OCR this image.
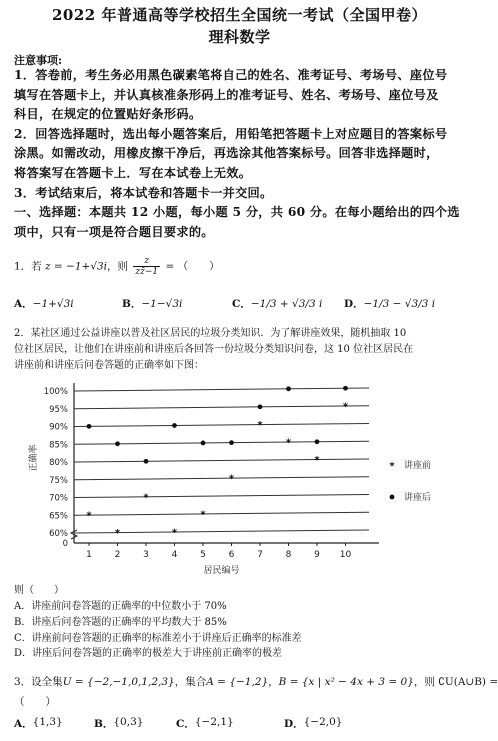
2022 年普通高等学校招生全国统一考试（全国甲卷）
理科数学
注意事项:
1．答卷前，考生务必用黑色碳素笔将自己的姓名、准考证号、考场号、座位号
填写在答题卡上，并认真核准条形码上的准考证号、姓名、考场号、座位号及
科目，在规定的位置贴好条形码。
2．回答选择题时，选出每小题答案后，用铅笔把答题卡上对应题目的答案标号
涂黑。如需改动，用橡皮擦干净后，再选涂其他答案标号。回答非选择题时，
将答案写在答题卡上．写在本试卷上无效。
3．考试结束后，将本试卷和答题卡一并交回。
一、选择题：本题共 12 小题，每小题 5 分，共 60 分。在每小题给出的四个选
项中，只有一项是符合题目要求的。
1．若 z = −1+√3i，则 $\frac{z}{zz̄-1}$ = （　　）
A．−1+√3i	B．−1−√3i	C．−1/3 + √3/3 i D．−1/3 − √3/3 i
2．某社区通过公益讲座以普及社区居民的垃圾分类知识．为了解讲座效果，随机抽取 10
位社区居民，让他们在讲座前和讲座后各回答一份垃圾分类知识问卷，这 10 位社区居民在
讲座前和讲座后问卷答题的正确率如下图：
0
60%
65%
70%
75%
80%
85%
90%
95%
100%
1	2	3	4	5	6	7	8	9 10
居民编号
正确率
*
*
*
*
*
*
*
*
*
*
* 讲座前
讲座后
则（　　）
A．讲座前问卷答题的正确率的中位数小于 70%
B．讲座后问卷答题的正确率的平均数大于 85%
C．讲座前问卷答题的正确率的标准差小于讲座后正确率的标准差
D．讲座后问卷答题的正确率的极差大于讲座前正确率的极差
3．设全集U = {−2,−1,0,1,2,3}，集合A = {−1,2}，B = {x | x² − 4x + 3 = 0}，则 ∁U(A∪B) =
（　　）
A． {1,3}	B． {0,3}	C． {−2,1}	D． {−2,0}
